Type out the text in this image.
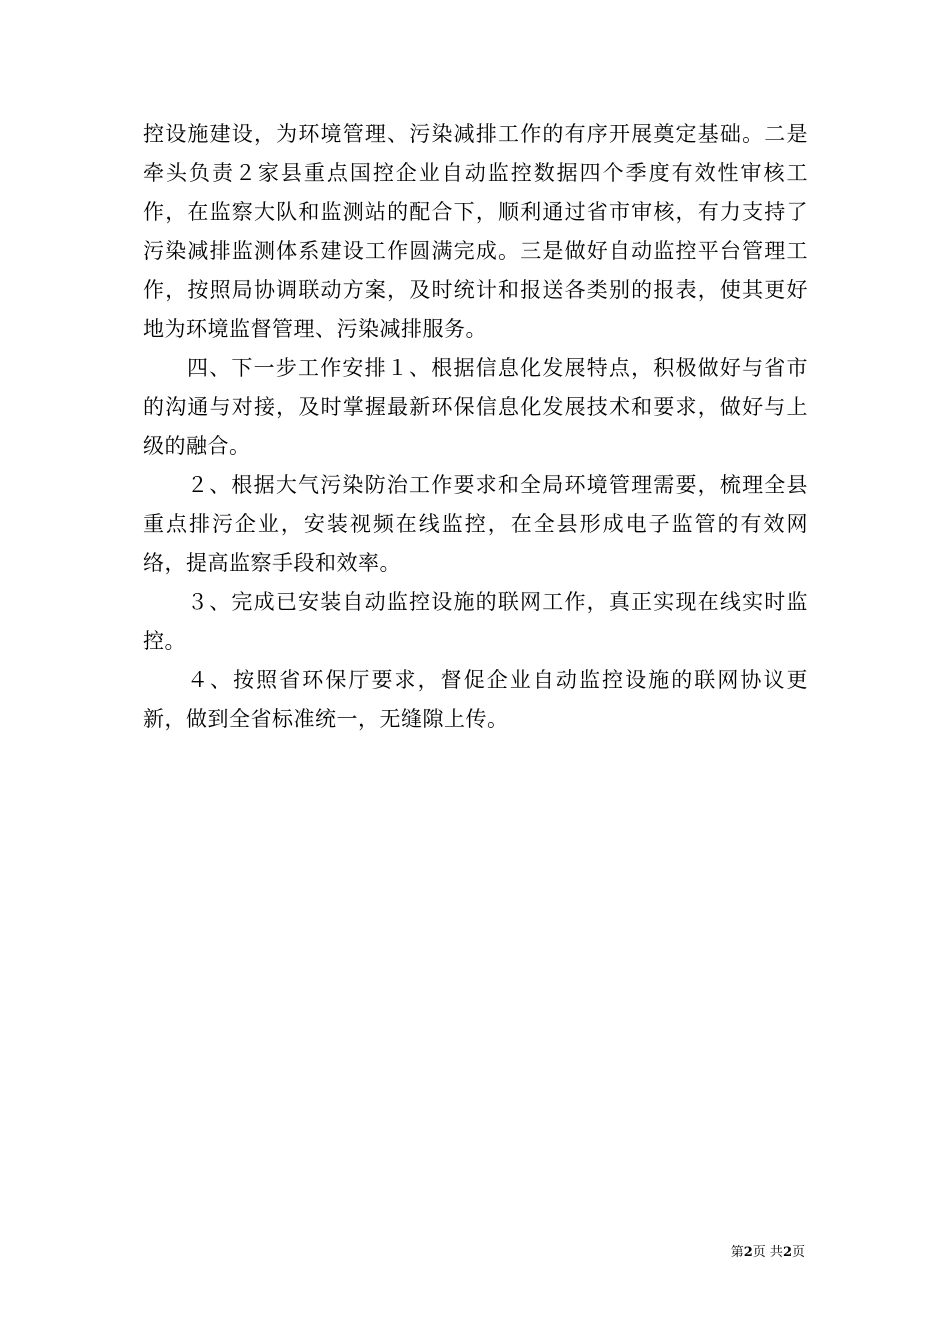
控设施建设，为环境管理、污染减排工作的有序开展奠定基础。二是牵头负责２家县重点国控企业自动监控数据四个季度有效性审核工作，在监察大队和监测站的配合下，顺利通过省市审核，有力支持了污染减排监测体系建设工作圆满完成。三是做好自动监控平台管理工作，按照局协调联动方案，及时统计和报送各类别的报表，使其更好地为环境监督管理、污染减排服务。

四、下一步工作安排１、根据信息化发展特点，积极做好与省市的沟通与对接，及时掌握最新环保信息化发展技术和要求，做好与上级的融合。

２、根据大气污染防治工作要求和全局环境管理需要，梳理全县重点排污企业，安装视频在线监控，在全县形成电子监管的有效网络，提高监察手段和效率。

３、完成已安装自动监控设施的联网工作，真正实现在线实时监控。

４、按照省环保厅要求，督促企业自动监控设施的联网协议更新，做到全省标准统一，无缝隙上传。

第2页 共2页
